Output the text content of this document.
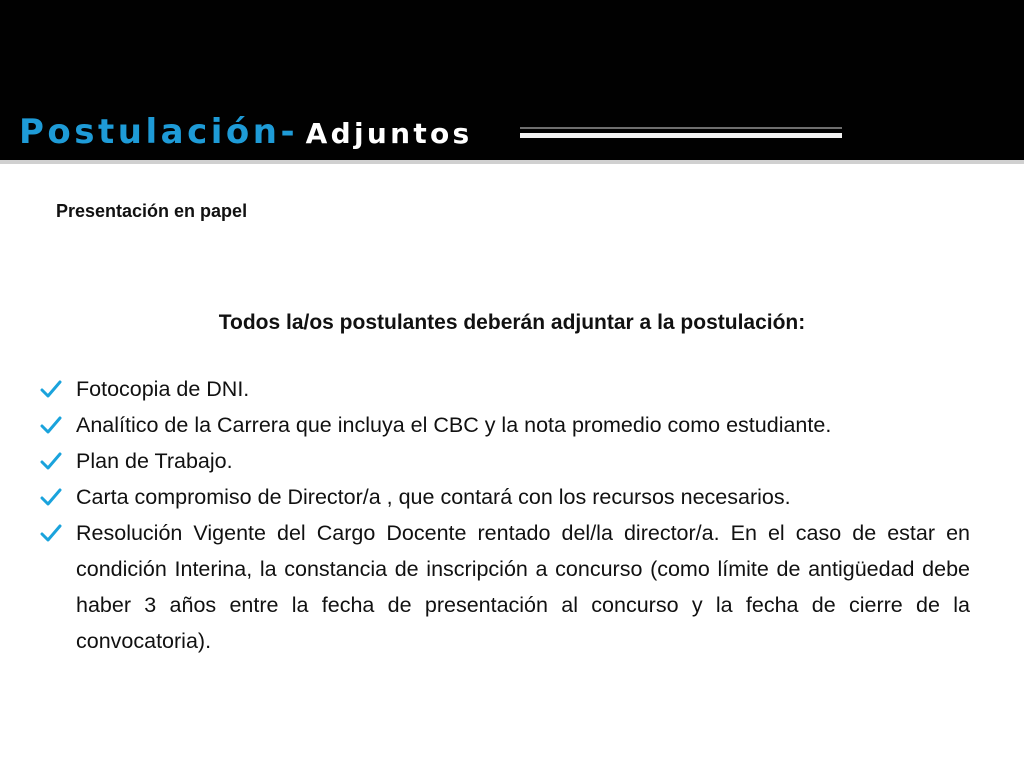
Postulación- Adjuntos
Presentación en papel
Todos la/os postulantes deberán adjuntar a la postulación:
Fotocopia de DNI.
Analítico de la Carrera que incluya el CBC y la nota promedio como estudiante.
Plan de Trabajo.
Carta compromiso de Director/a , que contará con los recursos necesarios.
Resolución Vigente del Cargo Docente rentado del/la director/a. En el caso de estar en condición Interina, la constancia de inscripción a concurso (como límite de antigüedad debe haber 3 años entre la fecha de presentación al concurso y la fecha de cierre de la convocatoria).
